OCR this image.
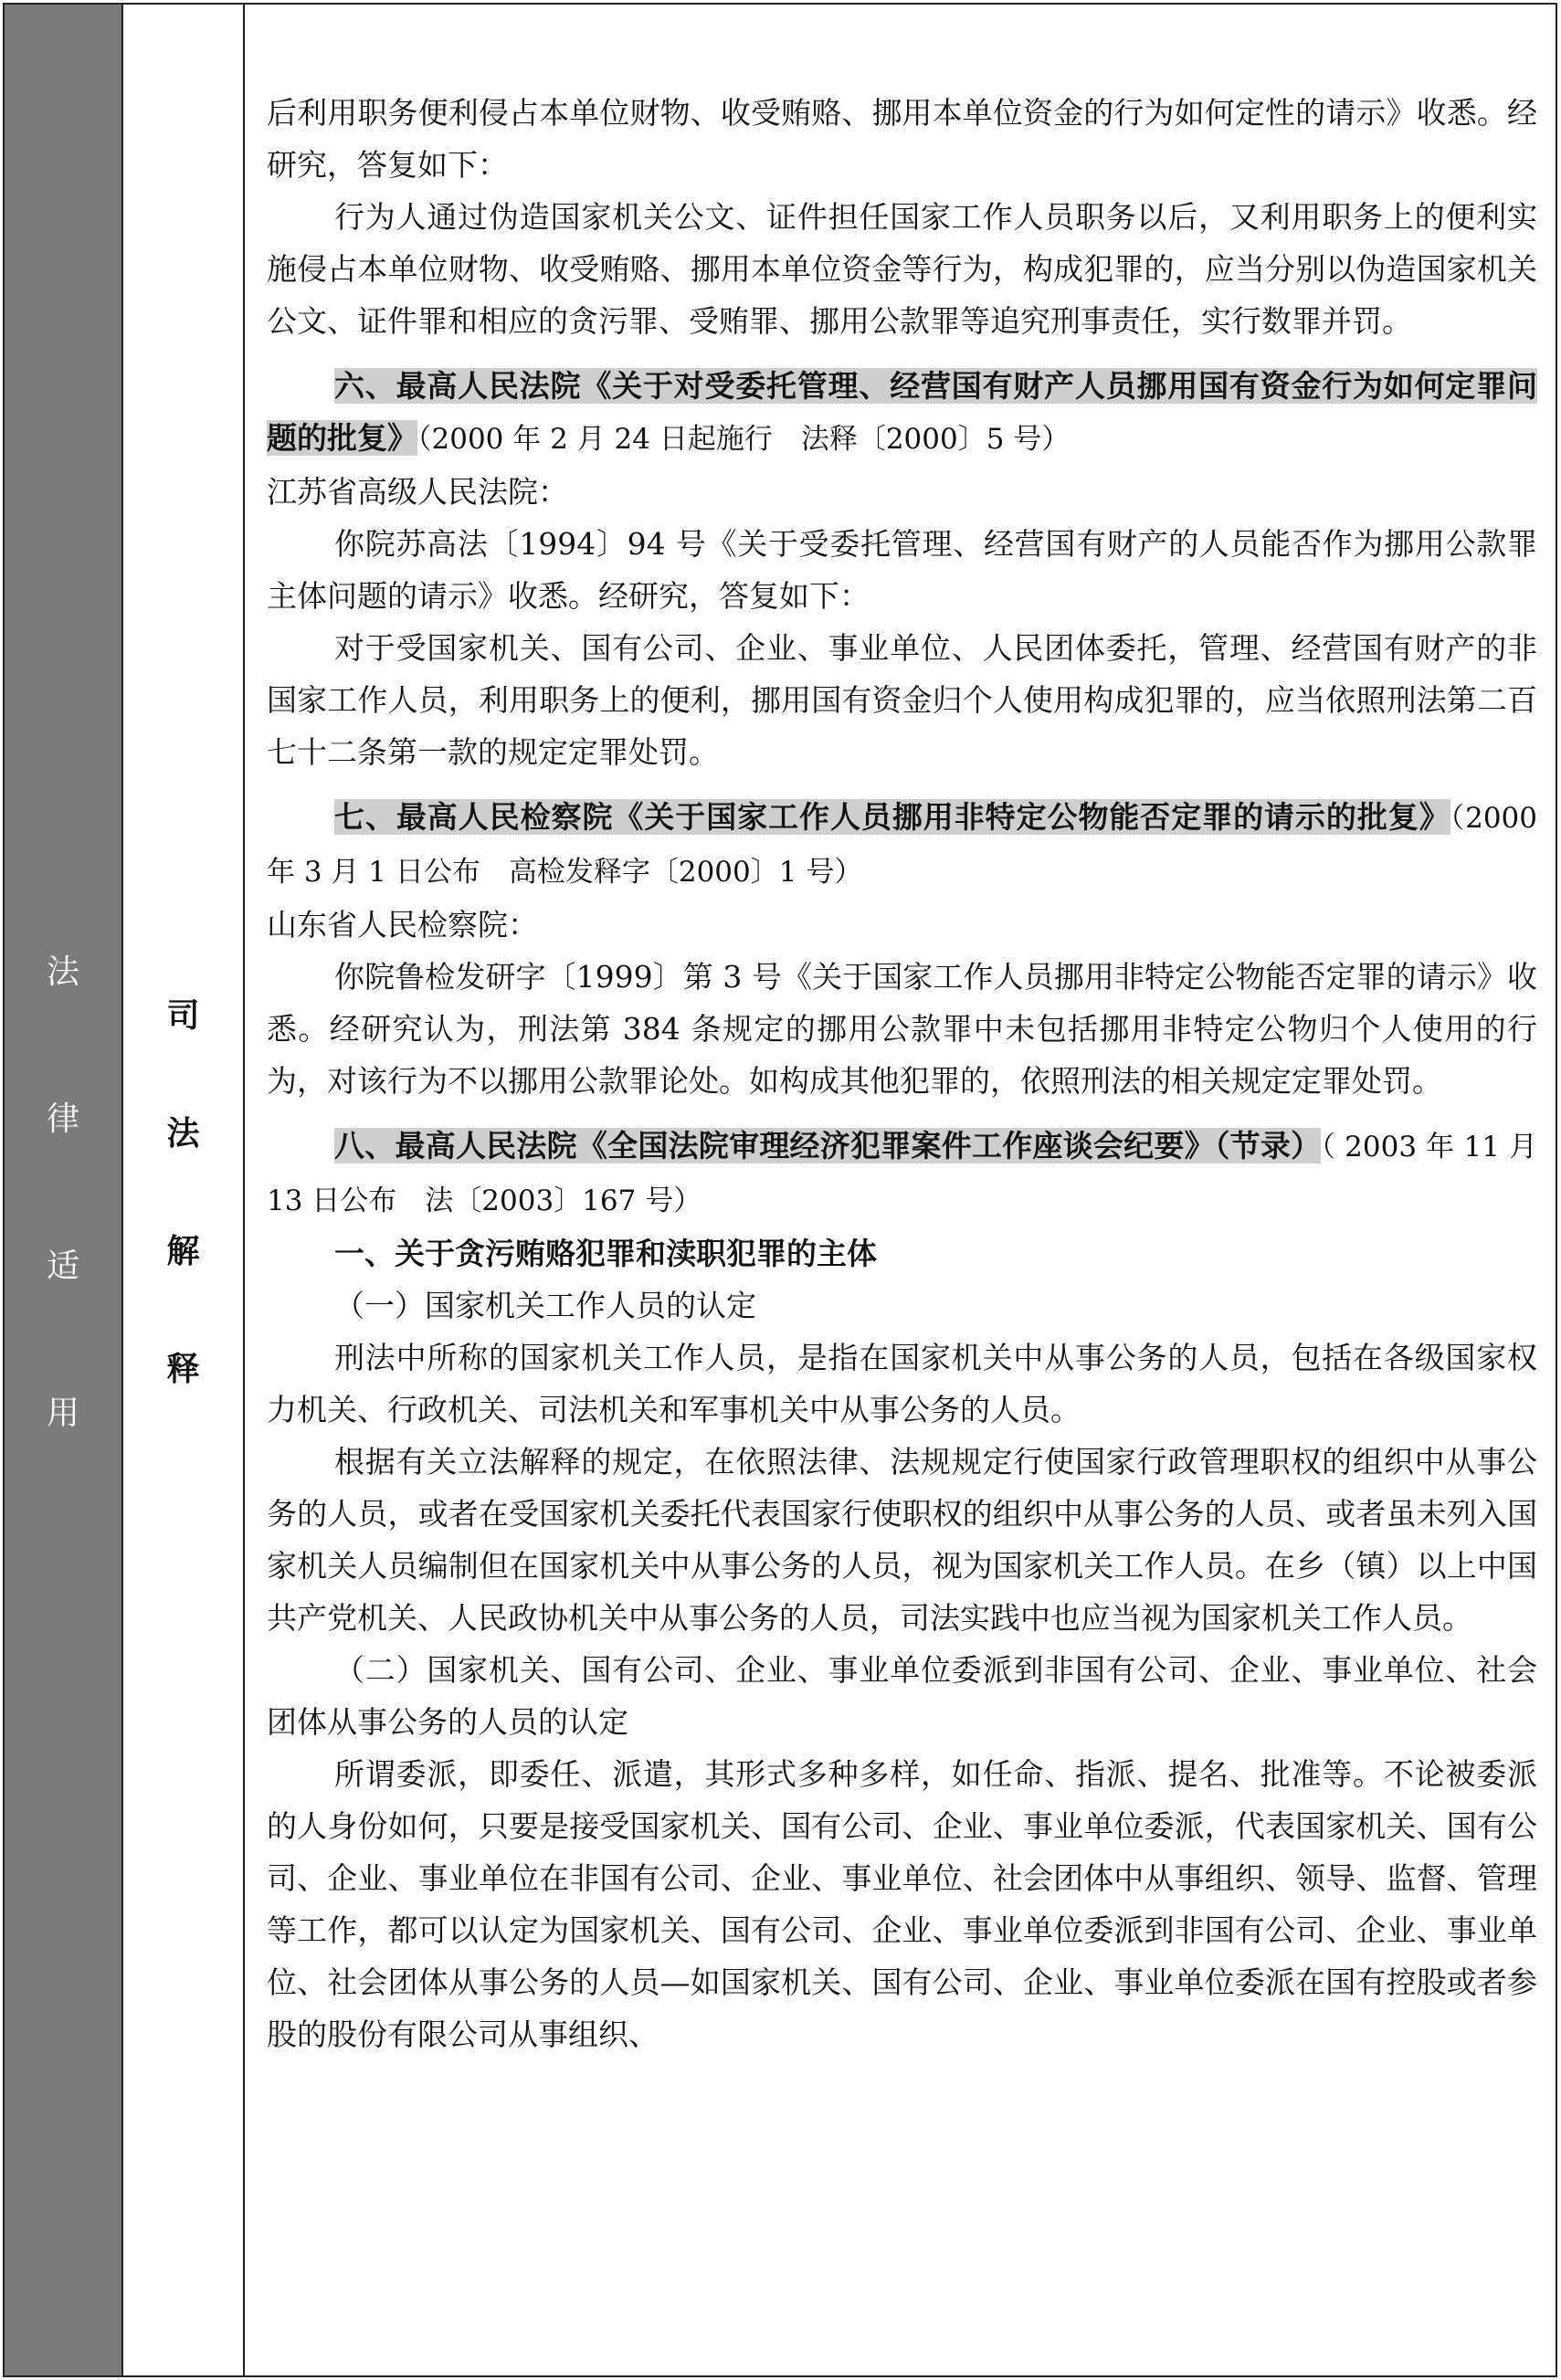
法
律
适
用
司
法
解
释

后利用职务便利侵占本单位财物、收受贿赂、挪用本单位资金的行为如何定性的请示》收悉。经研究，答复如下：

行为人通过伪造国家机关公文、证件担任国家工作人员职务以后，又利用职务上的便利实施侵占本单位财物、收受贿赂、挪用本单位资金等行为，构成犯罪的，应当分别以伪造国家机关公文、证件罪和相应的贪污罪、受贿罪、挪用公款罪等追究刑事责任，实行数罪并罚。

六、最高人民法院《关于对受委托管理、经营国有财产人员挪用国有资金行为如何定罪问题的批复》（2000 年 2 月 24 日起施行　法释〔2000〕5 号）

江苏省高级人民法院：

你院苏高法〔1994〕94 号《关于受委托管理、经营国有财产的人员能否作为挪用公款罪主体问题的请示》收悉。经研究，答复如下：

对于受国家机关、国有公司、企业、事业单位、人民团体委托，管理、经营国有财产的非国家工作人员，利用职务上的便利，挪用国有资金归个人使用构成犯罪的，应当依照刑法第二百七十二条第一款的规定定罪处罚。

七、最高人民检察院《关于国家工作人员挪用非特定公物能否定罪的请示的批复》（2000 年 3 月 1 日公布　高检发释字〔2000〕1 号）

山东省人民检察院：

你院鲁检发研字〔1999〕第 3 号《关于国家工作人员挪用非特定公物能否定罪的请示》收悉。经研究认为，刑法第 384 条规定的挪用公款罪中未包括挪用非特定公物归个人使用的行为，对该行为不以挪用公款罪论处。如构成其他犯罪的，依照刑法的相关规定定罪处罚。

八、最高人民法院《全国法院审理经济犯罪案件工作座谈会纪要》（节录）（ 2003 年 11 月 13 日公布　法〔2003〕167 号）

一、关于贪污贿赂犯罪和渎职犯罪的主体

（一）国家机关工作人员的认定

刑法中所称的国家机关工作人员，是指在国家机关中从事公务的人员，包括在各级国家权力机关、行政机关、司法机关和军事机关中从事公务的人员。

根据有关立法解释的规定，在依照法律、法规规定行使国家行政管理职权的组织中从事公务的人员，或者在受国家机关委托代表国家行使职权的组织中从事公务的人员、或者虽未列入国家机关人员编制但在国家机关中从事公务的人员，视为国家机关工作人员。在乡（镇）以上中国共产党机关、人民政协机关中从事公务的人员，司法实践中也应当视为国家机关工作人员。

（二）国家机关、国有公司、企业、事业单位委派到非国有公司、企业、事业单位、社会团体从事公务的人员的认定

所谓委派，即委任、派遣，其形式多种多样，如任命、指派、提名、批准等。不论被委派的人身份如何，只要是接受国家机关、国有公司、企业、事业单位委派，代表国家机关、国有公司、企业、事业单位在非国有公司、企业、事业单位、社会团体中从事组织、领导、监督、管理等工作，都可以认定为国家机关、国有公司、企业、事业单位委派到非国有公司、企业、事业单位、社会团体从事公务的人员—如国家机关、国有公司、企业、事业单位委派在国有控股或者参股的股份有限公司从事组织、
